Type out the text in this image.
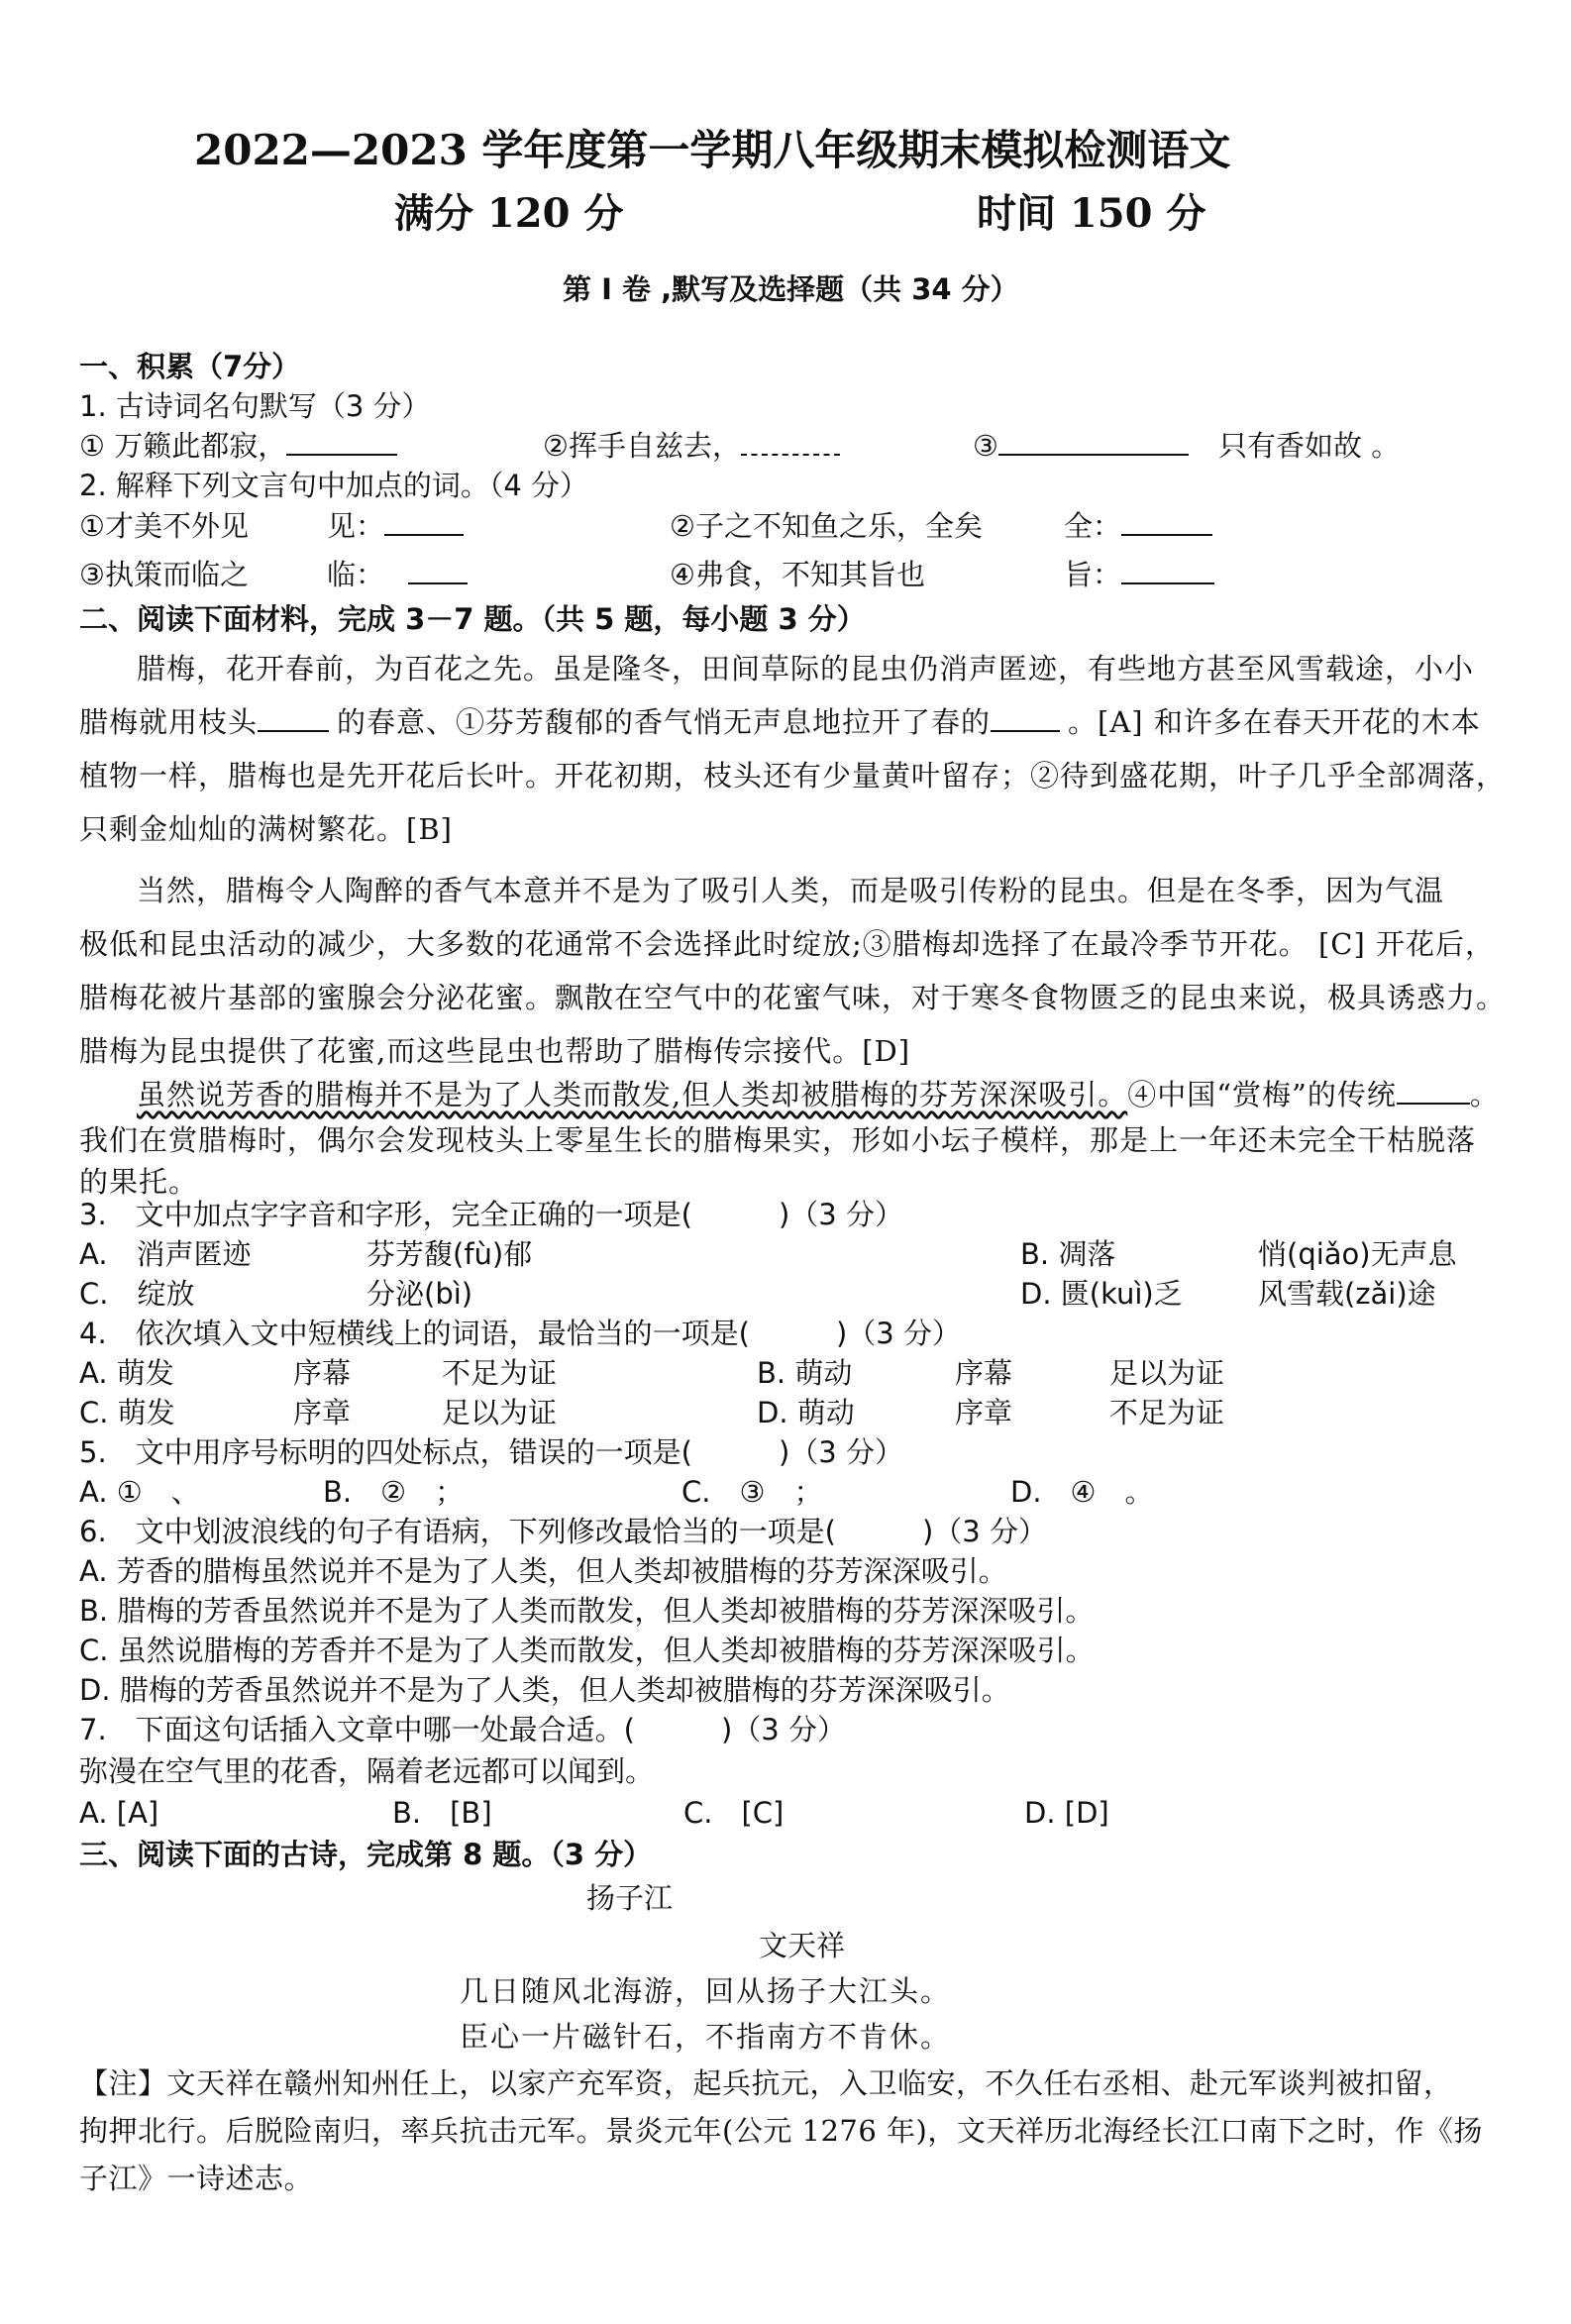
2022—2023 学年度第一学期八年级期末模拟检测语文
满分 120 分	时间 150 分
第 I 卷 ,默写及选择题（共 34 分）
一、积累（7分）
1. 古诗词名句默写（3 分）
① 万籁此都寂，	②挥手自兹去，	③	只有香如故 。
2. 解释下列文言句中加点的词。（4 分）
①才美不外见	见：	②子之不知鱼之乐，全矣	全：
③执策而临之	临：	④弗食，不知其旨也	旨：
二、阅读下面材料，完成 3－7 题。（共 5 题，每小题 3 分）
腊梅，花开春前，为百花之先。虽是隆冬，田间草际的昆虫仍消声匿迹，有些地方甚至风雪载途，小小
腊梅就用枝头	的春意、①芬芳馥郁的香气悄无声息地拉开了春的	。[A] 和许多在春天开花的木本
植物一样，腊梅也是先开花后长叶。开花初期，枝头还有少量黄叶留存；②待到盛花期，叶子几乎全部凋落，
只剩金灿灿的满树繁花。[B]
当然，腊梅令人陶醉的香气本意并不是为了吸引人类，而是吸引传粉的昆虫。但是在冬季，因为气温
极低和昆虫活动的减少，大多数的花通常不会选择此时绽放;③腊梅却选择了在最冷季节开花。 [C] 开花后，
腊梅花被片基部的蜜腺会分泌花蜜。飘散在空气中的花蜜气味，对于寒冬食物匮乏的昆虫来说，极具诱惑力。
腊梅为昆虫提供了花蜜,而这些昆虫也帮助了腊梅传宗接代。[D]
虽然说芳香的腊梅并不是为了人类而散发,但人类却被腊梅的芬芳深深吸引。④中国“赏梅”的传统	。
我们在赏腊梅时，偶尔会发现枝头上零星生长的腊梅果实，形如小坛子模样，那是上一年还未完全干枯脱落
的果托。
3.　文中加点字字音和字形，完全正确的一项是(　　　)（3 分）
A.　消声匿迹	芬芳馥(fù)郁	B. 凋落	悄(qiǎo)无声息
C.　绽放	分泌(bì)	D. 匮(kuì)乏	风雪载(zǎi)途
4.　依次填入文中短横线上的词语，最恰当的一项是(　　　)（3 分）
A. 萌发	序幕	不足为证	B. 萌动	序幕	足以为证
C. 萌发	序章	足以为证	D. 萌动	序章	不足为证
5.　文中用序号标明的四处标点，错误的一项是(　　　)（3 分）
A. ①　、	B.　②　；	C.　③　；	D.　④　。
6.　文中划波浪线的句子有语病，下列修改最恰当的一项是(　　　)（3 分）
A. 芳香的腊梅虽然说并不是为了人类，但人类却被腊梅的芬芳深深吸引。
B. 腊梅的芳香虽然说并不是为了人类而散发，但人类却被腊梅的芬芳深深吸引。
C. 虽然说腊梅的芳香并不是为了人类而散发，但人类却被腊梅的芬芳深深吸引。
D. 腊梅的芳香虽然说并不是为了人类，但人类却被腊梅的芬芳深深吸引。
7.　下面这句话插入文章中哪一处最合适。(　　　)（3 分）
弥漫在空气里的花香，隔着老远都可以闻到。
A. [A]	B.　[B]	C.　[C]	D. [D]
三、阅读下面的古诗，完成第 8 题。（3 分）
扬子江
文天祥
几日随风北海游，回从扬子大江头。
臣心一片磁针石，不指南方不肯休。
【注】文天祥在赣州知州任上，以家产充军资，起兵抗元，入卫临安，不久任右丞相、赴元军谈判被扣留，
拘押北行。后脱险南归，率兵抗击元军。景炎元年(公元 1276 年)，文天祥历北海经长江口南下之时，作《扬
子江》一诗述志。
